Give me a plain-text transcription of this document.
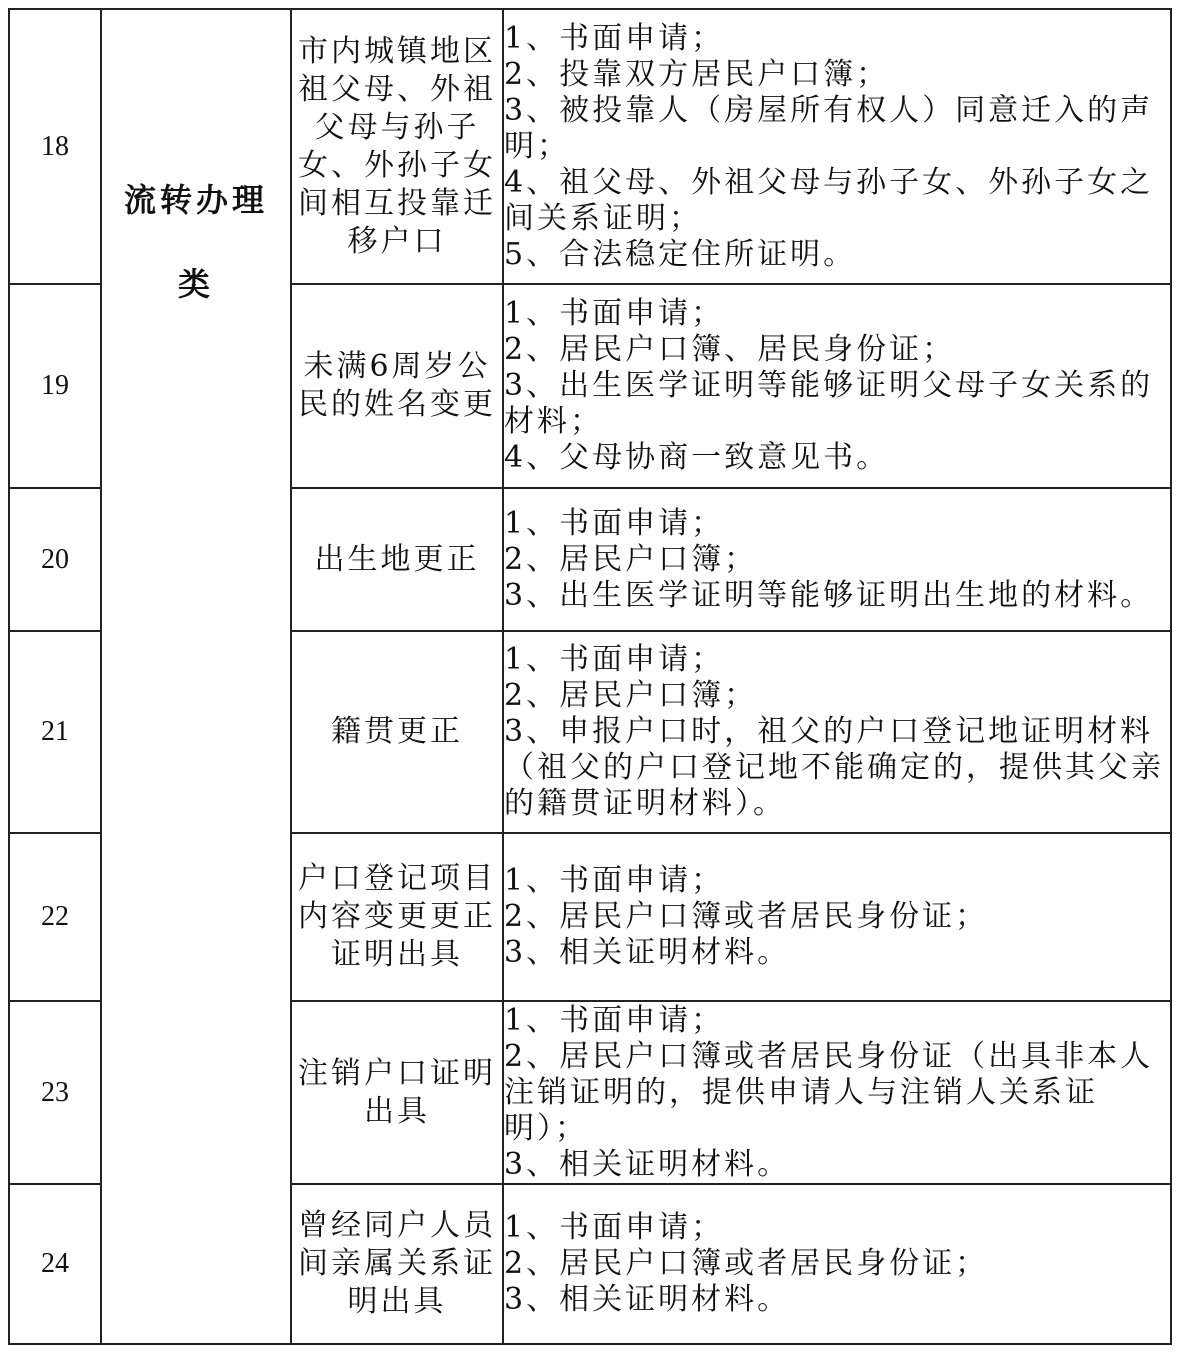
18	流转办理类	市内城镇地区祖父母、外祖父母与孙子女、外孙子女间相互投靠迁移户口	1、书面申请；
2、投靠双方居民户口簿；
3、被投靠人（房屋所有权人）同意迁入的声明；
4、祖父母、外祖父母与孙子女、外孙子女之间关系证明；
5、合法稳定住所证明。

19		未满6周岁公民的姓名变更	1、书面申请；
2、居民户口簿、居民身份证；
3、出生医学证明等能够证明父母子女关系的材料；
4、父母协商一致意见书。

20		出生地更正	1、书面申请；
2、居民户口簿；
3、出生医学证明等能够证明出生地的材料。

21		籍贯更正	1、书面申请；
2、居民户口簿；
3、申报户口时，祖父的户口登记地证明材料（祖父的户口登记地不能确定的，提供其父亲的籍贯证明材料）。

22		户口登记项目内容变更更正证明出具	1、书面申请；
2、居民户口簿或者居民身份证；
3、相关证明材料。

23		注销户口证明出具	1、书面申请；
2、居民户口簿或者居民身份证（出具非本人注销证明的，提供申请人与注销人关系证明）；
3、相关证明材料。

24		曾经同户人员间亲属关系证明出具	1、书面申请；
2、居民户口簿或者居民身份证；
3、相关证明材料。
